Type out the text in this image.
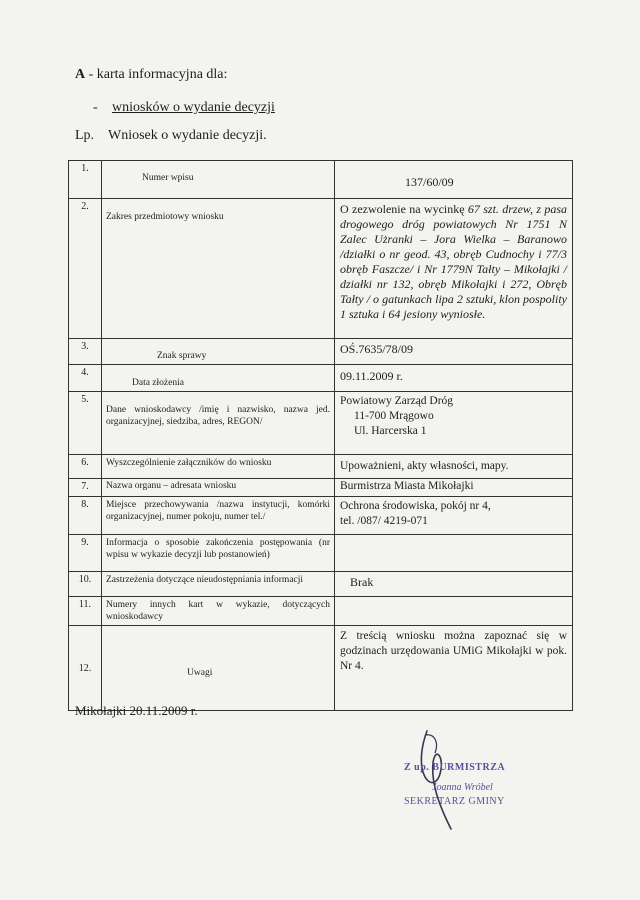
A - karta informacyjna dla:
- wniosków o wydanie decyzji
Lp. Wniosek o wydanie decyzji.
1.	Numer wpisu	137/60/09
2.	Zakres przedmiotowy wniosku	O zezwolenie na wycinkę 67 szt. drzew, z pasa drogowego dróg powiatowych Nr 1751 N Zalec Użranki – Jora Wielka – Baranowo /działki o nr geod. 43, obręb Cudnochy i 77/3 obręb Faszcze/ i Nr 1779N Tałty – Mikołajki / działki nr 132, obręb Mikołajki i 272, Obręb Tałty / o gatunkach lipa 2 sztuki, klon pospolity 1 sztuka i 64 jesiony wyniosłe.
3.	Znak sprawy	OŚ.7635/78/09
4.	Data złożenia	09.11.2009 r.
5.	Dane wnioskodawcy /imię i nazwisko, nazwa jed. organizacyjnej, siedziba, adres, REGON/	Powiatowy Zarząd Dróg
11-700 Mrągowo
Ul. Harcerska 1

6.	Wyszczególnienie załączników do wniosku	Upoważnieni, akty własności, mapy.
7.	Nazwa organu – adresata wniosku	Burmistrza Miasta Mikołajki
8.	Miejsce przechowywania /nazwa instytucji, komórki organizacyjnej, numer pokoju, numer tel./	Ochrona środowiska, pokój nr 4,
tel. /087/ 4219-071

9.	Informacja o sposobie zakończenia postępowania (nr wpisu w wykazie decyzji lub postanowień)	
10.	Zastrzeżenia dotyczące nieudostępniania informacji	Brak
11.	Numery innych kart w wykazie, dotyczących wnioskodawcy	
12.	Uwagi	Z treścią wniosku można zapoznać się w godzinach urzędowania UMiG Mikołajki w pok. Nr 4.
Mikołajki 20.11.2009 r.
Z up. BURMISTRZA
Joanna Wróbel
SEKRETARZ GMINY
